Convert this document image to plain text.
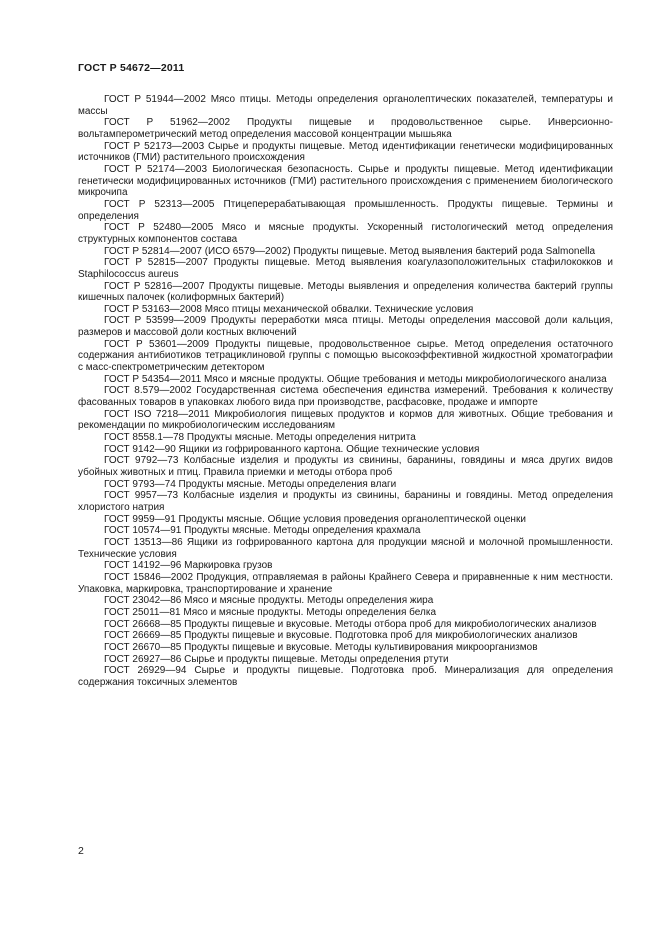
ГОСТ Р 54672—2011

ГОСТ Р 51944—2002 Мясо птицы. Методы определения органолептических показателей, температуры и массы

ГОСТ Р 51962—2002 Продукты пищевые и продовольственное сырье. Инверсионно-вольтамперометрический метод определения массовой концентрации мышьяка

ГОСТ Р 52173—2003 Сырье и продукты пищевые. Метод идентификации генетически модифицированных источников (ГМИ) растительного происхождения

ГОСТ Р 52174—2003 Биологическая безопасность. Сырье и продукты пищевые. Метод идентификации генетически модифицированных источников (ГМИ) растительного происхождения с применением биологического микрочипа

ГОСТ Р 52313—2005 Птицеперерабатывающая промышленность. Продукты пищевые. Термины и определения

ГОСТ Р 52480—2005 Мясо и мясные продукты. Ускоренный гистологический метод определения структурных компонентов состава

ГОСТ Р 52814—2007 (ИСО 6579—2002) Продукты пищевые. Метод выявления бактерий рода Salmonella

ГОСТ Р 52815—2007 Продукты пищевые. Метод выявления коагулазоположительных стафилококков и Staphilococcus aureus

ГОСТ Р 52816—2007 Продукты пищевые. Методы выявления и определения количества бактерий группы кишечных палочек (колиформных бактерий)

ГОСТ Р 53163—2008 Мясо птицы механической обвалки. Технические условия

ГОСТ Р 53599—2009 Продукты переработки мяса птицы. Методы определения массовой доли кальция, размеров и массовой доли костных включений

ГОСТ Р 53601—2009 Продукты пищевые, продовольственное сырье. Метод определения остаточного содержания антибиотиков тетрациклиновой группы с помощью высокоэффективной жидкостной хроматографии с масс-спектрометрическим детектором

ГОСТ Р 54354—2011 Мясо и мясные продукты. Общие требования и методы микробиологического анализа

ГОСТ 8.579—2002 Государственная система обеспечения единства измерений. Требования к количеству фасованных товаров в упаковках любого вида при производстве, расфасовке, продаже и импорте

ГОСТ ISO 7218—2011 Микробиология пищевых продуктов и кормов для животных. Общие требования и рекомендации по микробиологическим исследованиям

ГОСТ 8558.1—78 Продукты мясные. Методы определения нитрита

ГОСТ 9142—90 Ящики из гофрированного картона. Общие технические условия

ГОСТ 9792—73 Колбасные изделия и продукты из свинины, баранины, говядины и мяса других видов убойных животных и птиц. Правила приемки и методы отбора проб

ГОСТ 9793—74 Продукты мясные. Методы определения влаги

ГОСТ 9957—73 Колбасные изделия и продукты из свинины, баранины и говядины. Метод определения хлористого натрия

ГОСТ 9959—91 Продукты мясные. Общие условия проведения органолептической оценки

ГОСТ 10574—91 Продукты мясные. Методы определения крахмала

ГОСТ 13513—86 Ящики из гофрированного картона для продукции мясной и молочной промышленности. Технические условия

ГОСТ 14192—96 Маркировка грузов

ГОСТ 15846—2002 Продукция, отправляемая в районы Крайнего Севера и приравненные к ним местности. Упаковка, маркировка, транспортирование и хранение

ГОСТ 23042—86 Мясо и мясные продукты. Методы определения жира

ГОСТ 25011—81 Мясо и мясные продукты. Методы определения белка

ГОСТ 26668—85 Продукты пищевые и вкусовые. Методы отбора проб для микробиологических анализов

ГОСТ 26669—85 Продукты пищевые и вкусовые. Подготовка проб для микробиологических анализов

ГОСТ 26670—85 Продукты пищевые и вкусовые. Методы культивирования микроорганизмов

ГОСТ 26927—86 Сырье и продукты пищевые. Методы определения ртути

ГОСТ 26929—94 Сырье и продукты пищевые. Подготовка проб. Минерализация для определения содержания токсичных элементов

2
